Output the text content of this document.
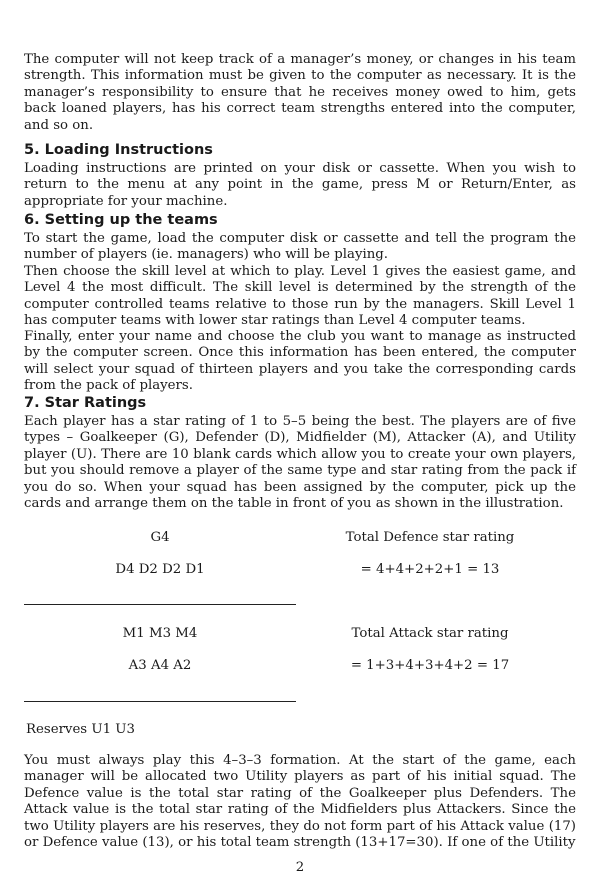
The computer will not keep track of a manager’s money, or changes in his team strength. This information must be given to the computer as necessary. It is the manager’s responsibility to ensure that he receives money owed to him, gets back loaned players, has his correct team strengths entered into the computer, and so on.

5. Loading Instructions

Loading instructions are printed on your disk or cassette. When you wish to return to the menu at any point in the game, press M or Return/Enter, as appropriate for your machine.

6. Setting up the teams

To start the game, load the computer disk or cassette and tell the program the number of players (ie. managers) who will be playing.

Then choose the skill level at which to play. Level 1 gives the easiest game, and Level 4 the most difficult. The skill level is determined by the strength of the computer controlled teams relative to those run by the managers. Skill Level 1 has computer teams with lower star ratings than Level 4 computer teams.

Finally, enter your name and choose the club you want to manage as instructed by the computer screen. Once this information has been entered, the computer will select your squad of thirteen players and you take the corresponding cards from the pack of players.

7. Star Ratings

Each player has a star rating of 1 to 5–5 being the best. The players are of five types – Goalkeeper (G), Defender (D), Midfielder (M), Attacker (A), and Utility player (U). There are 10 blank cards which allow you to create your own players, but you should remove a player of the same type and star rating from the pack if you do so. When your squad has been assigned by the computer, pick up the cards and arrange them on the table in front of you as shown in the illustration.

G4	Total Defence star rating
D4 D2 D2 D1	= 4+4+2+2+1 = 13
M1 M3 M4	Total Attack star rating
A3 A4 A2	= 1+3+4+3+4+2 = 17
Reserves U1 U3

You must always play this 4–3–3 formation. At the start of the game, each manager will be allocated two Utility players as part of his initial squad. The Defence value is the total star rating of the Goalkeeper plus Defenders. The Attack value is the total star rating of the Midfielders plus Attackers. Since the two Utility players are his reserves, they do not form part of his Attack value (17) or Defence value (13), or his total team strength (13+17=30). If one of the Utility

2
